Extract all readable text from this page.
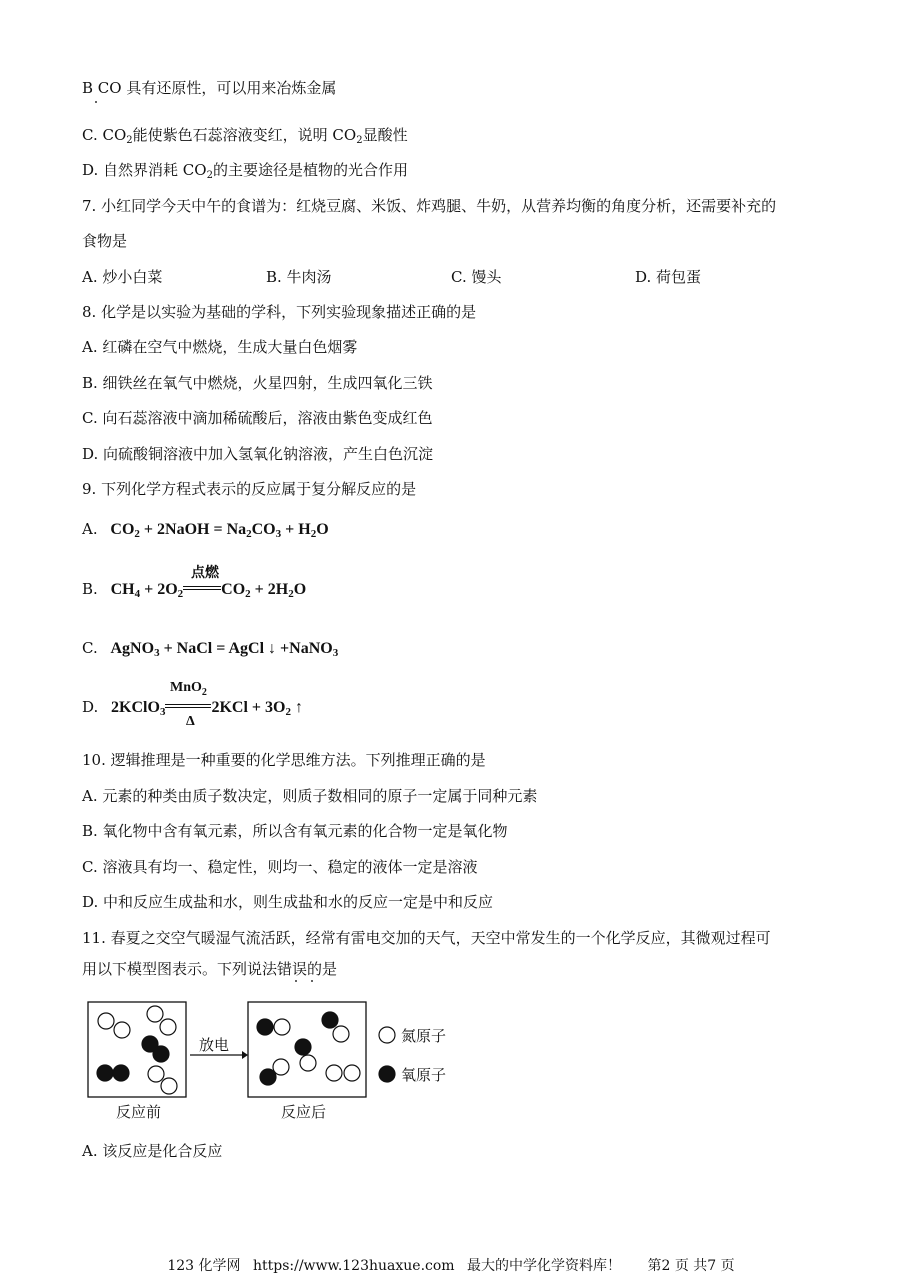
B CO 具有还原性，可以用来冶炼金属
C. $CO_2$能使紫色石蕊溶液变红，说明 $CO_2$显酸性
D. 自然界消耗 $CO_2$的主要途径是植物的光合作用
7. 小红同学今天中午的食谱为：红烧豆腐、米饭、炸鸡腿、牛奶，从营养均衡的角度分析，还需要补充的
食物是
A. 炒小白菜	B. 牛肉汤	C. 馒头	D. 荷包蛋
8. 化学是以实验为基础的学科，下列实验现象描述正确的是
A. 红磷在空气中燃烧，生成大量白色烟雾
B. 细铁丝在氧气中燃烧，火星四射，生成四氧化三铁
C. 向石蕊溶液中滴加稀硫酸后，溶液由紫色变成红色
D. 向硫酸铜溶液中加入氢氧化钠溶液，产生白色沉淀
9. 下列化学方程式表示的反应属于复分解反应的是
A. $CO_2$ + 2NaOH = $Na_2CO_3 + H_2O$
B. $CH_4 + 2O_2$ $CO_2 + 2H_2O$
点燃
C. AgNO$_3$ + NaCl = AgCl ↓ +NaNO$_3$
D. 2KClO$_3$	$2KCl + 3O_2$ ↑
MnO$_2$
Δ
10. 逻辑推理是一种重要的化学思维方法。下列推理正确的是
A. 元素的种类由质子数决定，则质子数相同的原子一定属于同种元素
B. 氧化物中含有氧元素，所以含有氧元素的化合物一定是氧化物
C. 溶液具有均一、稳定性，则均一、稳定的液体一定是溶液
D. 中和反应生成盐和水，则生成盐和水的反应一定是中和反应
11. 春夏之交空气暖湿气流活跃，经常有雷电交加的天气，天空中常发生的一个化学反应，其微观过程可
用以下模型图表示。下列说法错误的是
放电
反应前	反应后
氮原子
氧原子
A. 该反应是化合反应
123 化学网 https://www.123huaxue.com 最大的中学化学资料库！ 第2 页 共7 页
